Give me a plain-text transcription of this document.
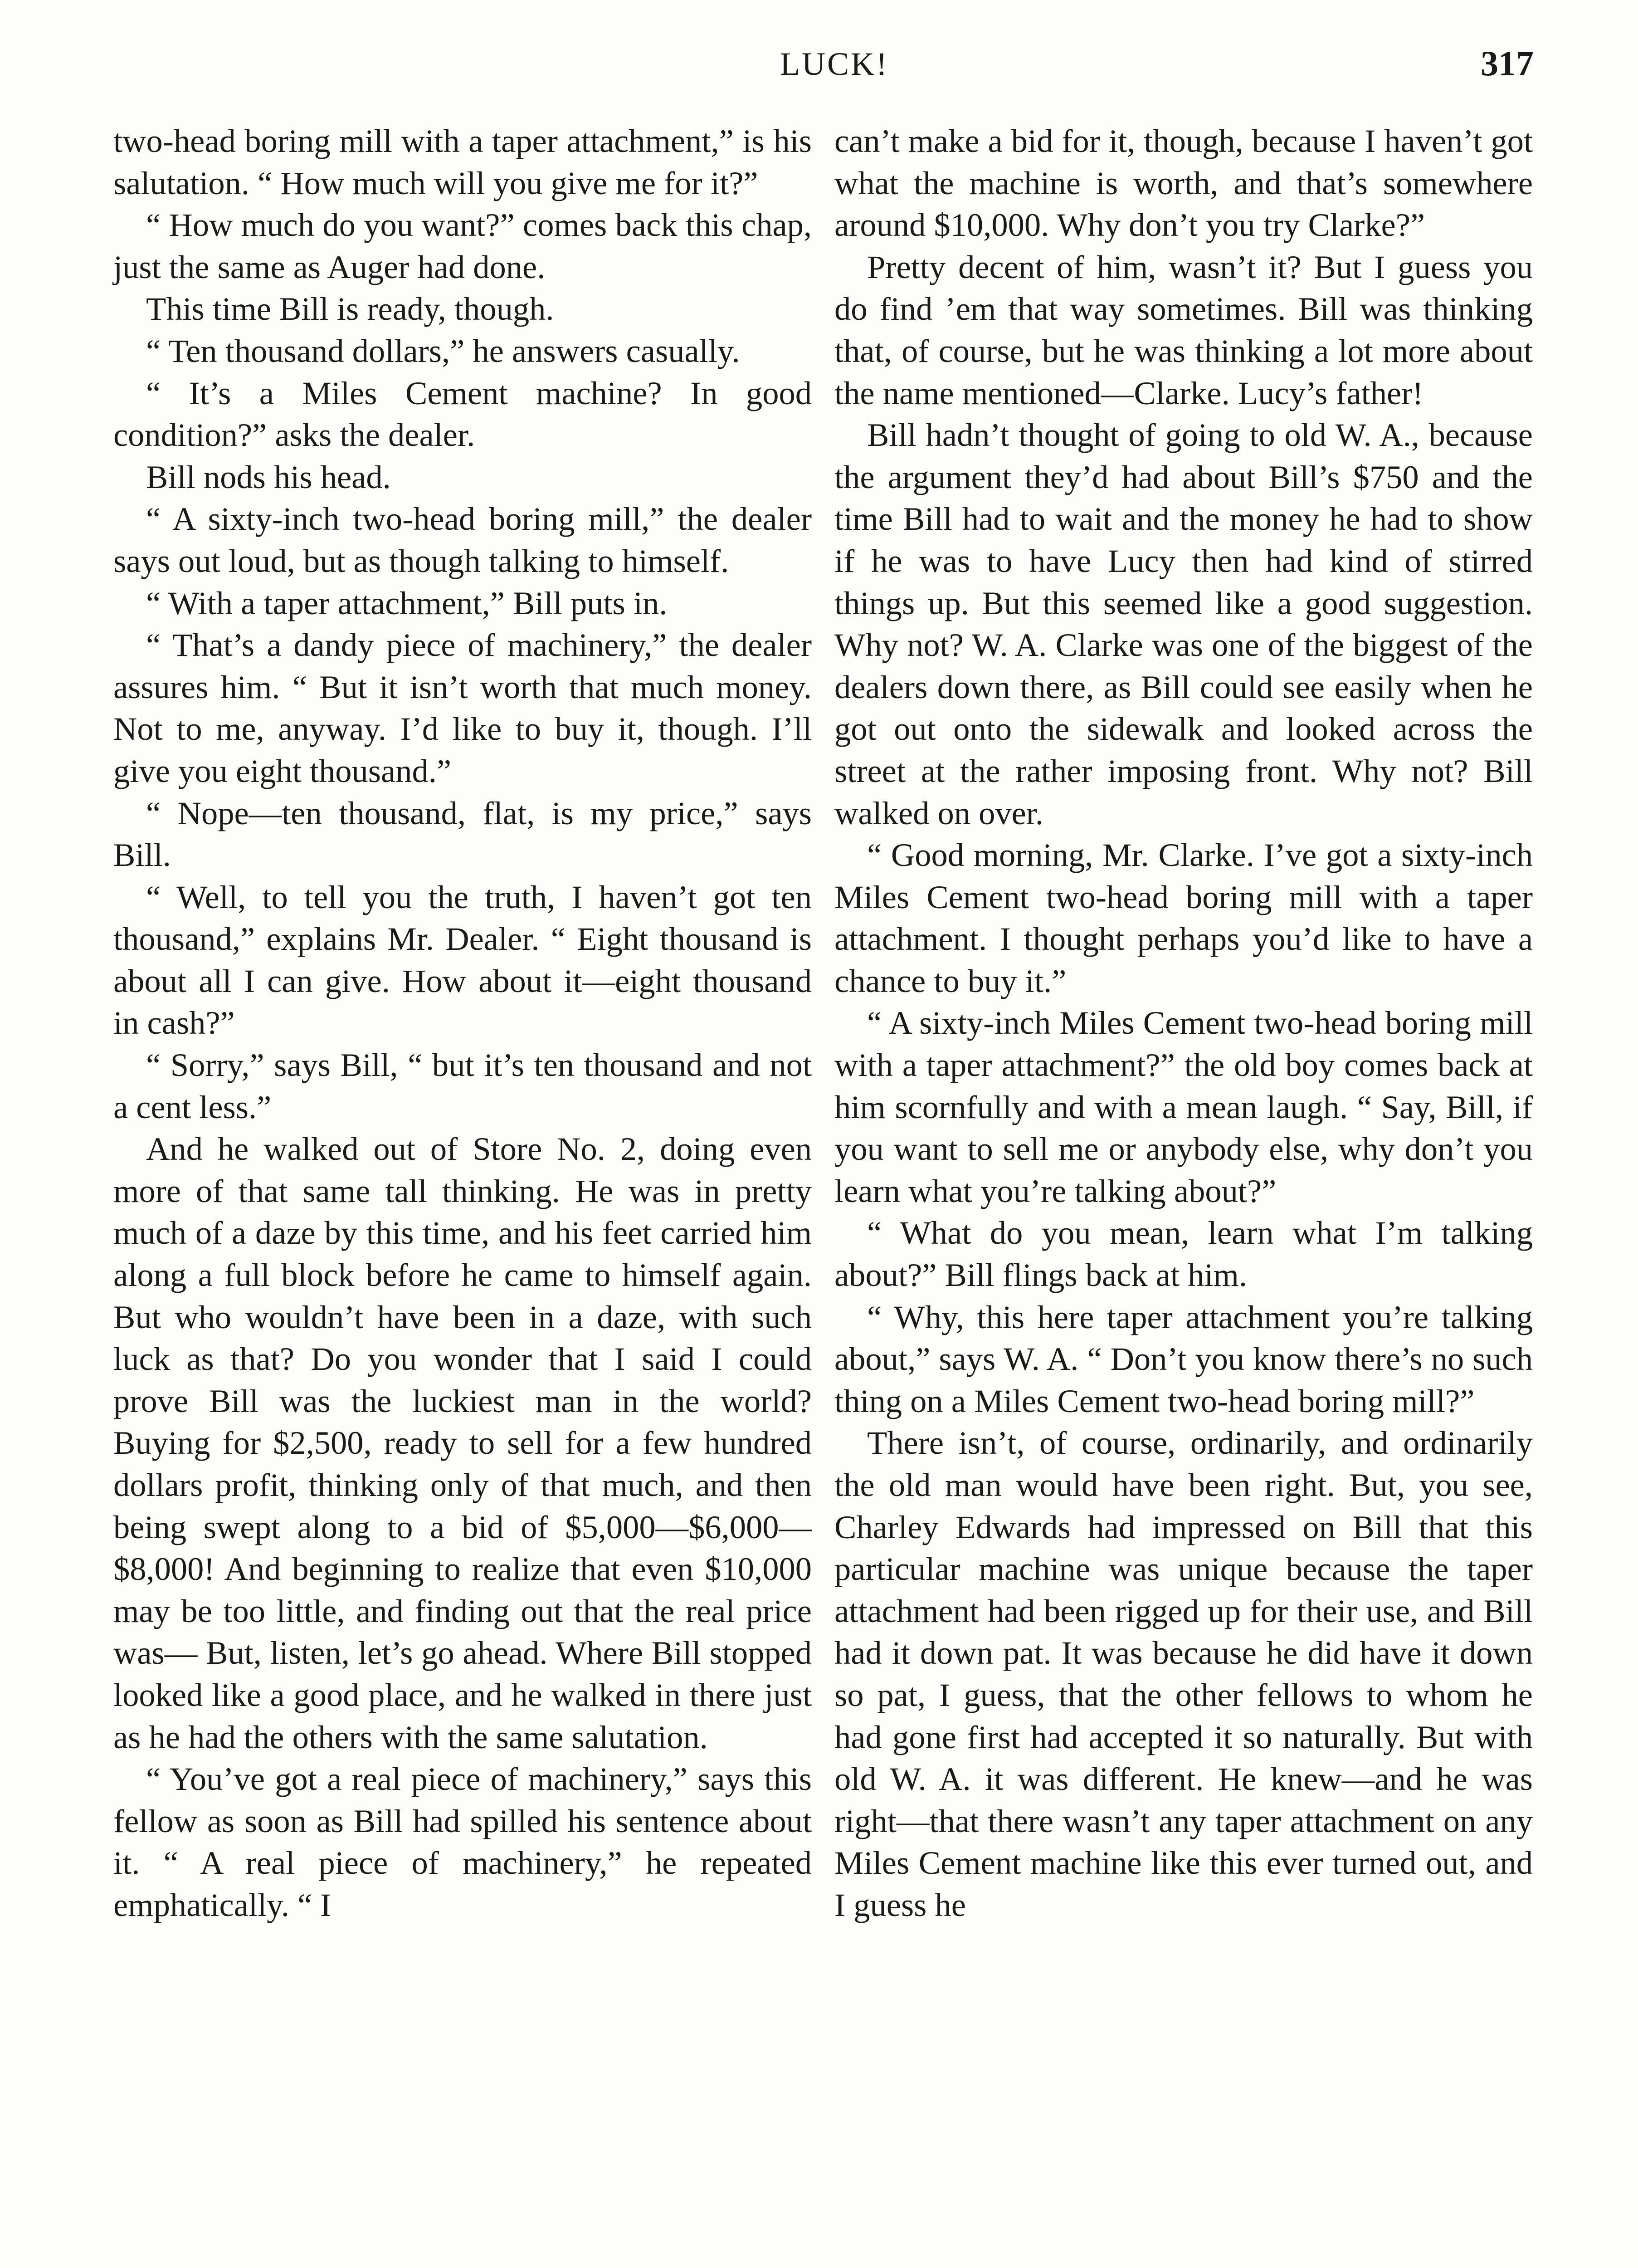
LUCK!	317

two-head boring mill with a taper attachment,” is his salutation. “ How much will you give me for it?”

“ How much do you want?” comes back this chap, just the same as Auger had done.

This time Bill is ready, though.

“ Ten thousand dollars,” he answers casually.

“ It’s a Miles Cement machine? In good condition?” asks the dealer.

Bill nods his head.

“ A sixty-inch two-head boring mill,” the dealer says out loud, but as though talking to himself.

“ With a taper attachment,” Bill puts in.

“ That’s a dandy piece of machinery,” the dealer assures him. “ But it isn’t worth that much money. Not to me, anyway. I’d like to buy it, though. I’ll give you eight thousand.”

“ Nope—ten thousand, flat, is my price,” says Bill.

“ Well, to tell you the truth, I haven’t got ten thousand,” explains Mr. Dealer. “ Eight thousand is about all I can give. How about it—eight thousand in cash?”

“ Sorry,” says Bill, “ but it’s ten thousand and not a cent less.”

And he walked out of Store No. 2, doing even more of that same tall thinking. He was in pretty much of a daze by this time, and his feet carried him along a full block before he came to himself again. But who wouldn’t have been in a daze, with such luck as that? Do you wonder that I said I could prove Bill was the luckiest man in the world? Buying for $2,500, ready to sell for a few hundred dollars profit, thinking only of that much, and then being swept along to a bid of $5,000—$6,000—$8,000! And beginning to realize that even $10,000 may be too little, and finding out that the real price was— But, listen, let’s go ahead. Where Bill stopped looked like a good place, and he walked in there just as he had the others with the same salutation.

“ You’ve got a real piece of machinery,” says this fellow as soon as Bill had spilled his sentence about it. “ A real piece of machinery,” he repeated emphatically. “ I

can’t make a bid for it, though, because I haven’t got what the machine is worth, and that’s somewhere around $10,000. Why don’t you try Clarke?”

Pretty decent of him, wasn’t it? But I guess you do find ’em that way sometimes. Bill was thinking that, of course, but he was thinking a lot more about the name mentioned—Clarke. Lucy’s father!

Bill hadn’t thought of going to old W. A., because the argument they’d had about Bill’s $750 and the time Bill had to wait and the money he had to show if he was to have Lucy then had kind of stirred things up. But this seemed like a good suggestion. Why not? W. A. Clarke was one of the biggest of the dealers down there, as Bill could see easily when he got out onto the sidewalk and looked across the street at the rather imposing front. Why not? Bill walked on over.

“ Good morning, Mr. Clarke. I’ve got a sixty-inch Miles Cement two-head boring mill with a taper attachment. I thought perhaps you’d like to have a chance to buy it.”

“ A sixty-inch Miles Cement two-head boring mill with a taper attachment?” the old boy comes back at him scornfully and with a mean laugh. “ Say, Bill, if you want to sell me or anybody else, why don’t you learn what you’re talking about?”

“ What do you mean, learn what I’m talking about?” Bill flings back at him.

“ Why, this here taper attachment you’re talking about,” says W. A. “ Don’t you know there’s no such thing on a Miles Cement two-head boring mill?”

There isn’t, of course, ordinarily, and ordinarily the old man would have been right. But, you see, Charley Edwards had impressed on Bill that this particular machine was unique because the taper attachment had been rigged up for their use, and Bill had it down pat. It was because he did have it down so pat, I guess, that the other fellows to whom he had gone first had accepted it so naturally. But with old W. A. it was different. He knew—and he was right—that there wasn’t any taper attachment on any Miles Cement machine like this ever turned out, and I guess he
